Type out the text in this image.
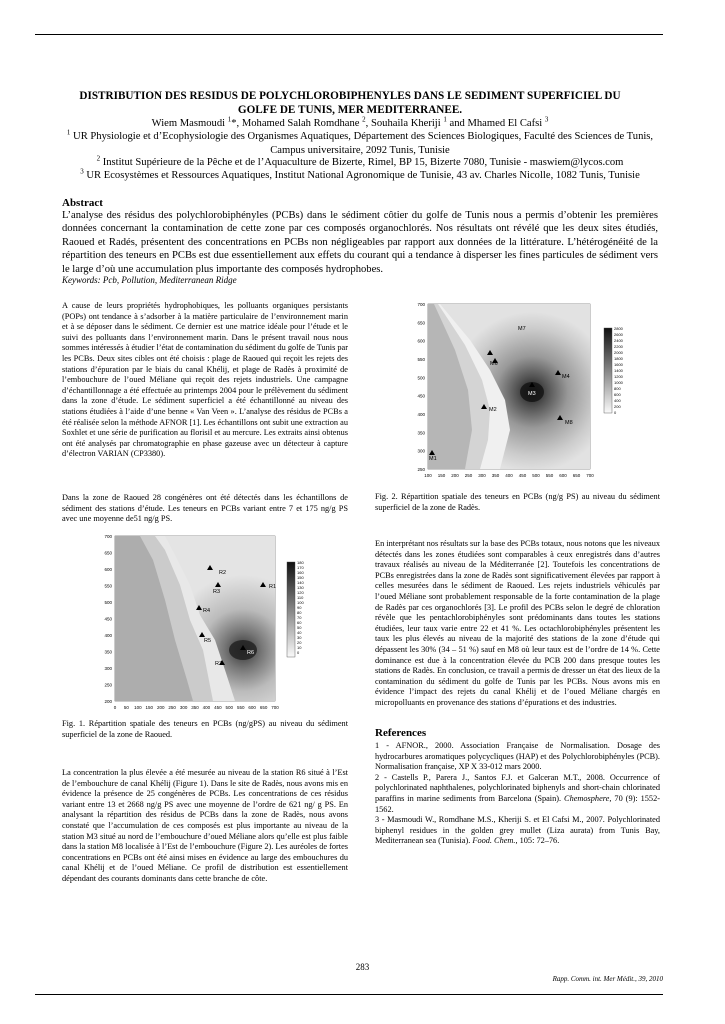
DISTRIBUTION DES RESIDUS DE POLYCHLOROBIPHENYLES DANS LE SEDIMENT SUPERFICIEL DU
GOLFE DE TUNIS, MER MEDITERRANEE.
Wiem Masmoudi $^1$*, Mohamed Salah Romdhane $^2$, Souhaila Kheriji $^1$ and Mhamed El Cafsi $^3$
$^1$ UR Physiologie et d’Ecophysiologie des Organismes Aquatiques, Département des Sciences Biologiques, Faculté des Sciences de Tunis, Campus universitaire, 2092 Tunis, Tunisie
$^2$ Institut Supérieure de la Pêche et de l’Aquaculture de Bizerte, Rimel, BP 15, Bizerte 7080, Tunisie - maswiem@lycos.com
$^3$ UR Ecosystèmes et Ressources Aquatiques, Institut National Agronomique de Tunisie, 43 av. Charles Nicolle, 1082 Tunis, Tunisie
Abstract
L’analyse des résidus des polychlorobiphényles (PCBs) dans le sédiment côtier du golfe de Tunis nous a permis d’obtenir les premières données concernant la contamination de cette zone par ces composés organochlorés. Nos résultats ont révélé que les deux sites étudiés, Raoued et Radés, présentent des concentrations en PCBs non négligeables par rapport aux données de la littérature. L’hétérogénéité de la répartition des teneurs en PCBs est due essentiellement aux effets du courant qui a tendance à disperser les fines particules de sédiment vers le large d’où une accumulation plus importante des composés hydrophobes.
Keywords: Pcb, Pollution, Mediterranean Ridge
A cause de leurs propriétés hydrophobiques, les polluants organiques persistants (POPs) ont tendance à s’adsorber à la matière particulaire de l’environnement marin et à se déposer dans le sédiment. Ce dernier est une matrice idéale pour l’étude et le suivi des polluants dans l’environnement marin. Dans le présent travail nous nous sommes intéressés à étudier l’état de contamination du sédiment du golfe de Tunis par les PCBs. Deux sites cibles ont été choisis : plage de Raoued qui reçoit les rejets des stations d’épuration par le biais du canal Khélij, et plage de Radès à proximité de l’embouchure de l’oued Méliane qui reçoit des rejets industriels. Une campagne d’échantillonnage a été effectuée au printemps 2004 pour le prélèvement du sédiment dans la zone d’étude. Le sédiment superficiel a été échantillonné au niveau des stations étudiées à l’aide d’une benne « Van Veen ». L’analyse des résidus de PCBs a été réalisée selon la méthode AFNOR [1]. Les échantillons ont subit une extraction au Soxhlet et une série de purification au florisil et au mercure. Les extraits ainsi obtenus ont été analysés par chromatographie en phase gazeuse avec un détecteur à capture d’électron VARIAN (CP3380).
Dans la zone de Raoued 28 congénères ont été détectés dans les échantillons de sédiment des stations d’étude. Les teneurs en PCBs variant entre 7 et 175 ng/g PS avec une moyenne de51 ng/g PS.
R2
R3
R1
R4
R5
R6
R7
700
650
600
550
500
450
400
350
300
250
200
0 50 100 150 200 250 300 350 400 450 500 550 600 650 700
180
170
160
150
140
130
120
110
100
90
80
70
60
50
40
30
20
10
0
Fig. 1. Répartition spatiale des teneurs en PCBs (ng/gPS) au niveau du sédiment superficiel de la zone de Raoued.
La concentration la plus élevée a été mesurée au niveau de la station R6 situé à l’Est de l’embouchure de canal Khélij (Figure 1). Dans le site de Radès, nous avons mis en évidence la présence de 25 congénères de PCBs. Les concentrations de ces résidus variant entre 13 et 2668 ng/g PS avec une moyenne de l’ordre de 621 ng/ g PS. En analysant la répartition des résidus de PCBs dans la zone de Radès, nous avons constaté que l’accumulation de ces composés est plus importante au niveau de la station M3 situé au nord de l’embouchure d’oued Méliane alors qu’elle est plus faible dans la station M8 localisée à l’Est de l’embouchure (Figure 2). Les auréoles de fortes concentrations en PCBs ont été ainsi mises en évidence au large des embouchures du canal Khélij et de l’oued Méliane. Ce profil de distribution est essentiellement dépendant des courants dominants dans cette branche de côte.
M7
M6
M4
M3
M2
M8
M1
700
650
600
550
500
450
400
350
300
250
100 150 200 250 300 350 400 450 500 550 600 650 700
2800
2600
2400
2200
2000
1800
1600
1400
1200
1000
800
600
400
200
0
Fig. 2. Répartition spatiale des teneurs en PCBs (ng/g PS) au niveau du sédiment superficiel de la zone de Radès.
En interprétant nos résultats sur la base des PCBs totaux, nous notons que les niveaux détectés dans les zones étudiées sont comparables à ceux enregistrés dans d’autres travaux réalisés au niveau de la Méditerranée [2]. Toutefois les concentrations de PCBs enregistrées dans la zone de Radès sont significativement élevées par rapport à celles mesurées dans le sédiment de Raoued. Les rejets industriels véhiculés par l’oued Méliane sont probablement responsable de la forte contamination de la plage de Radès par ces organochlorés [3]. Le profil des PCBs selon le degré de chloration révèle que les pentachlorobiphényles sont prédominants dans toutes les stations étudiées, leur taux varie entre 22 et 41 %. Les octachlorobiphényles présentent les taux les plus élevés au niveau de la majorité des stations de la zone d’étude qui dépassent les 30% (34 – 51 %) sauf en M8 où leur taux est de l’ordre de 14 %. Cette dominance est due à la concentration élevée du PCB 200 dans presque toutes les stations de Radès. En conclusion, ce travail a permis de dresser un état des lieux de la contamination du sédiment du golfe de Tunis par les PCBs. Nous avons mis en évidence l’impact des rejets du canal Khélij et de l’oued Méliane chargés en micropolluants en provenance des stations d’épurations et des industries.
References

1 - AFNOR., 2000. Association Française de Normalisation. Dosage des hydrocarbures aromatiques polycycliques (HAP) et des Polychlorobiphényles (PCB). Normalisation française, XP X 33-012 mars 2000.

2 - Castells P., Parera J., Santos F.J. et Galceran M.T., 2008. Occurrence of polychlorinated naphthalenes, polychlorinated biphenyls and short-chain chlorinated paraffins in marine sediments from Barcelona (Spain). Chemosphere, 70 (9): 1552-1562.

3 - Masmoudi W., Romdhane M.S., Kheriji S. et El Cafsi M., 2007. Polychlorinated biphenyl residues in the golden grey mullet (Liza aurata) from Tunis Bay, Mediterranean sea (Tunisia). Food. Chem., 105: 72–76.

283
Rapp. Comm. int. Mer Médit., 39, 2010
